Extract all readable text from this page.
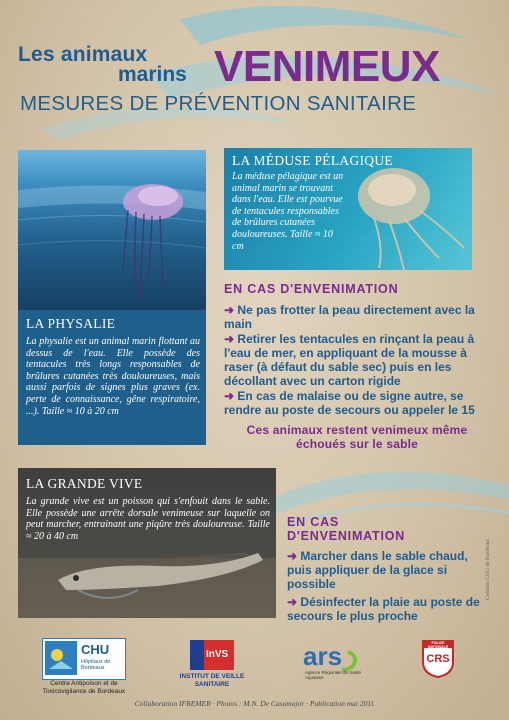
Les animaux
marins VENIMEUX
MESURES DE PRÉVENTION SANITAIRE
LA PHYSALIE
La physalie est un animal marin flottant au dessus de l'eau. Elle possède des tentacules très longs responsables de brûlures cutanées très douloureuses, mais aussi parfois de signes plus graves (ex. perte de connaissance, gêne respiratoire, ...). Taille ≈ 10 à 20 cm
LA MÉDUSE PÉLAGIQUE
La méduse pélagique est un animal marin se trouvant dans l'eau. Elle est pourvue de tentacules responsables de brûlures cutanées douloureuses. Taille ≈ 10 cm
EN CAS D'ENVENIMATION
➜ Ne pas frotter la peau directement avec la main
➜ Retirer les tentacules en rinçant la peau à l'eau de mer, en appliquant de la mousse à raser (à défaut du sable sec) puis en les décollant avec un carton rigide
➜ En cas de malaise ou de signe autre, se rendre au poste de secours ou appeler le 15
Ces animaux restent venimeux même échoués sur le sable
LA GRANDE VIVE
La grande vive est un poisson qui s'enfouit dans le sable. Elle possède une arrête dorsale venimeuse sur laquelle on peut marcher, entrainant une piqûre très douloureuse. Taille ≈ 20 à 40 cm
EN CAS
D'ENVENIMATION
➜ Marcher dans le sable chaud, puis appliquer de la glace si possible
➜ Désinfecter la plaie au poste de secours le plus proche
CHU
Hôpitaux de Bordeaux
Centre Antipoison et de Toxicovigilance de Bordeaux
InVS
INSTITUT DE VEILLE SANITAIRE
ars
Agence Régionale de Santé Aquitaine
POLICE NATIONALE
CRS
Collaboration IFREMER · Photos : M.N. De Casamajor · Publication mai 2011
Création CHU de Bordeaux
